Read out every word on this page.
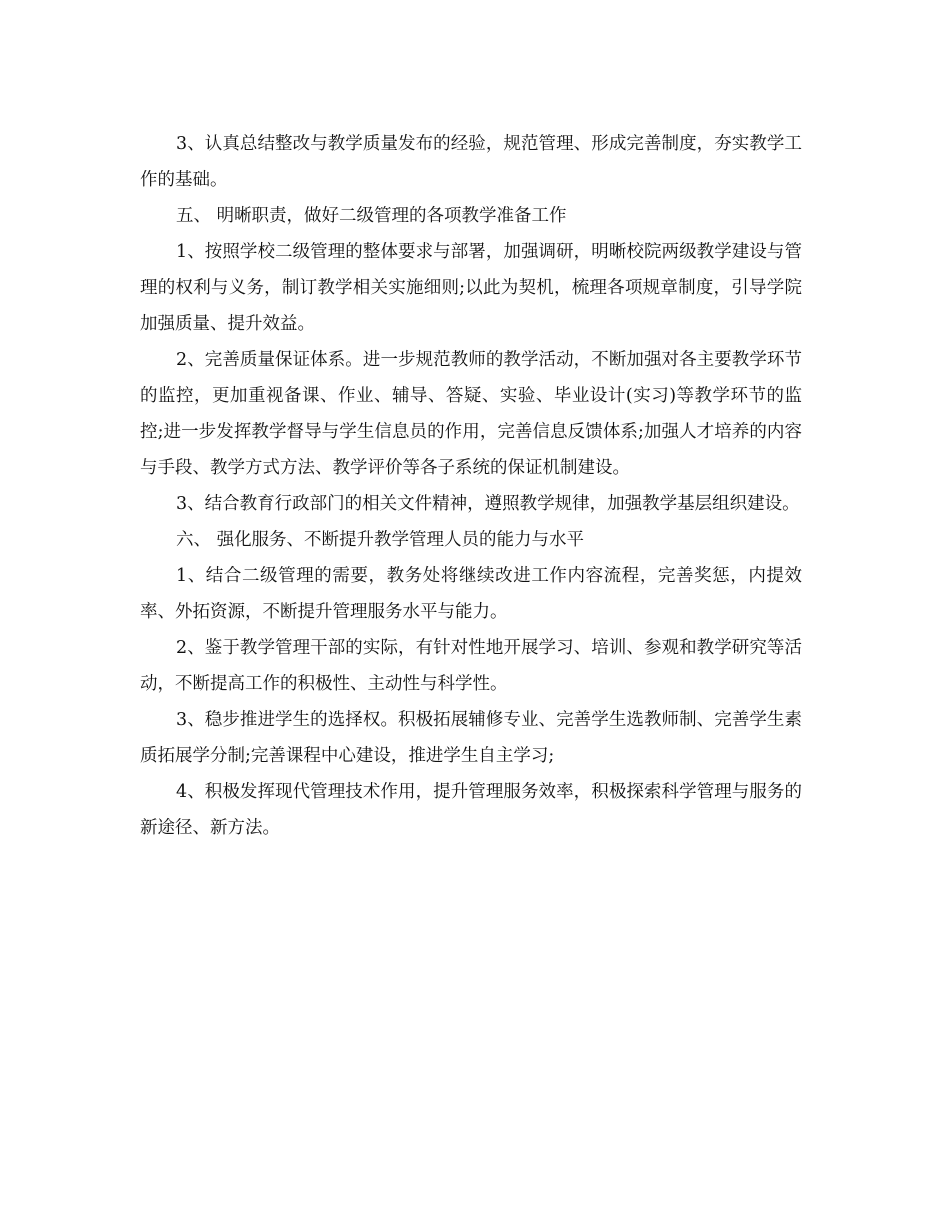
3、认真总结整改与教学质量发布的经验，规范管理、形成完善制度，夯实教学工作的基础。

五、 明晰职责，做好二级管理的各项教学准备工作

1、按照学校二级管理的整体要求与部署，加强调研，明晰校院两级教学建设与管理的权利与义务，制订教学相关实施细则;以此为契机，梳理各项规章制度，引导学院加强质量、提升效益。

2、完善质量保证体系。进一步规范教师的教学活动，不断加强对各主要教学环节的监控，更加重视备课、作业、辅导、答疑、实验、毕业设计(实习)等教学环节的监控;进一步发挥教学督导与学生信息员的作用，完善信息反馈体系;加强人才培养的内容与手段、教学方式方法、教学评价等各子系统的保证机制建设。

3、结合教育行政部门的相关文件精神，遵照教学规律，加强教学基层组织建设。

六、 强化服务、不断提升教学管理人员的能力与水平

1、结合二级管理的需要，教务处将继续改进工作内容流程，完善奖惩，内提效率、外拓资源，不断提升管理服务水平与能力。

2、鉴于教学管理干部的实际，有针对性地开展学习、培训、参观和教学研究等活动，不断提高工作的积极性、主动性与科学性。

3、稳步推进学生的选择权。积极拓展辅修专业、完善学生选教师制、完善学生素质拓展学分制;完善课程中心建设，推进学生自主学习;

4、积极发挥现代管理技术作用，提升管理服务效率，积极探索科学管理与服务的新途径、新方法。
